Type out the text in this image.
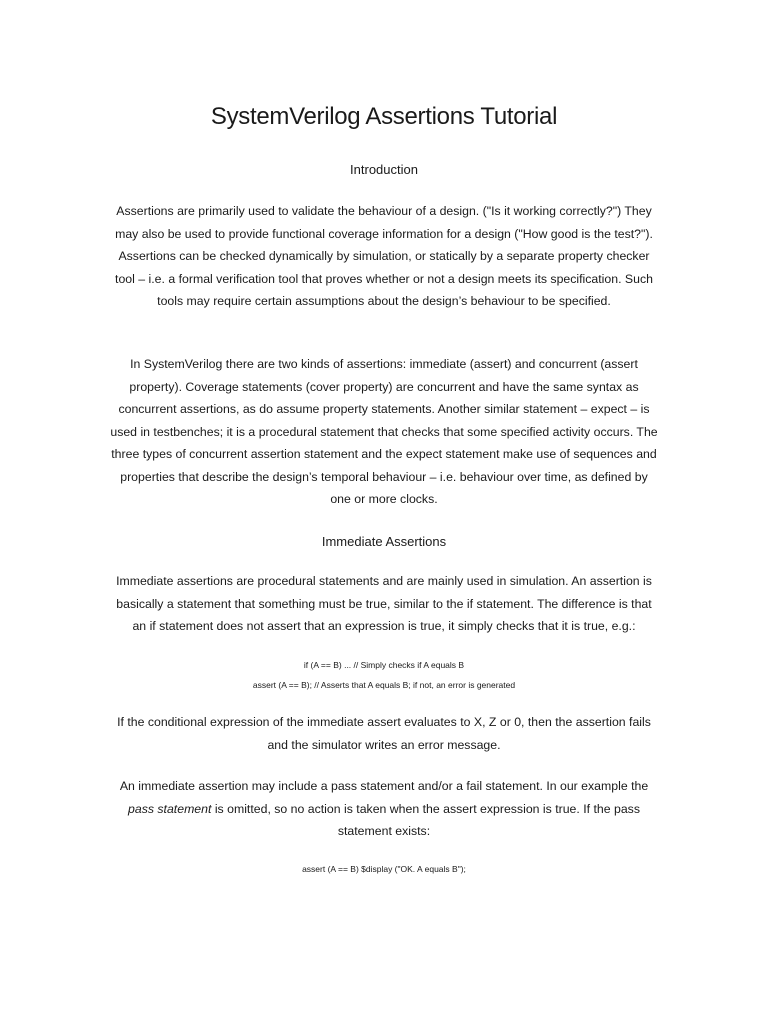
SystemVerilog Assertions Tutorial
Introduction

Assertions are primarily used to validate the behaviour of a design. ("Is it working correctly?") They may also be used to provide functional coverage information for a design ("How good is the test?"). Assertions can be checked dynamically by simulation, or statically by a separate property checker tool – i.e. a formal verification tool that proves whether or not a design meets its specification. Such tools may require certain assumptions about the design’s behaviour to be specified.

In SystemVerilog there are two kinds of assertions: immediate (assert) and concurrent (assert property). Coverage statements (cover property) are concurrent and have the same syntax as concurrent assertions, as do assume property statements. Another similar statement – expect – is used in testbenches; it is a procedural statement that checks that some specified activity occurs. The three types of concurrent assertion statement and the expect statement make use of sequences and properties that describe the design’s temporal behaviour – i.e. behaviour over time, as defined by one or more clocks.

Immediate Assertions

Immediate assertions are procedural statements and are mainly used in simulation. An assertion is basically a statement that something must be true, similar to the if statement. The difference is that an if statement does not assert that an expression is true, it simply checks that it is true, e.g.:

if (A == B) ... // Simply checks if A equals B

assert (A == B); // Asserts that A equals B; if not, an error is generated

If the conditional expression of the immediate assert evaluates to X, Z or 0, then the assertion fails and the simulator writes an error message.

An immediate assertion may include a pass statement and/or a fail statement. In our example the pass statement is omitted, so no action is taken when the assert expression is true. If the pass statement exists:

assert (A == B) $display ("OK. A equals B");
